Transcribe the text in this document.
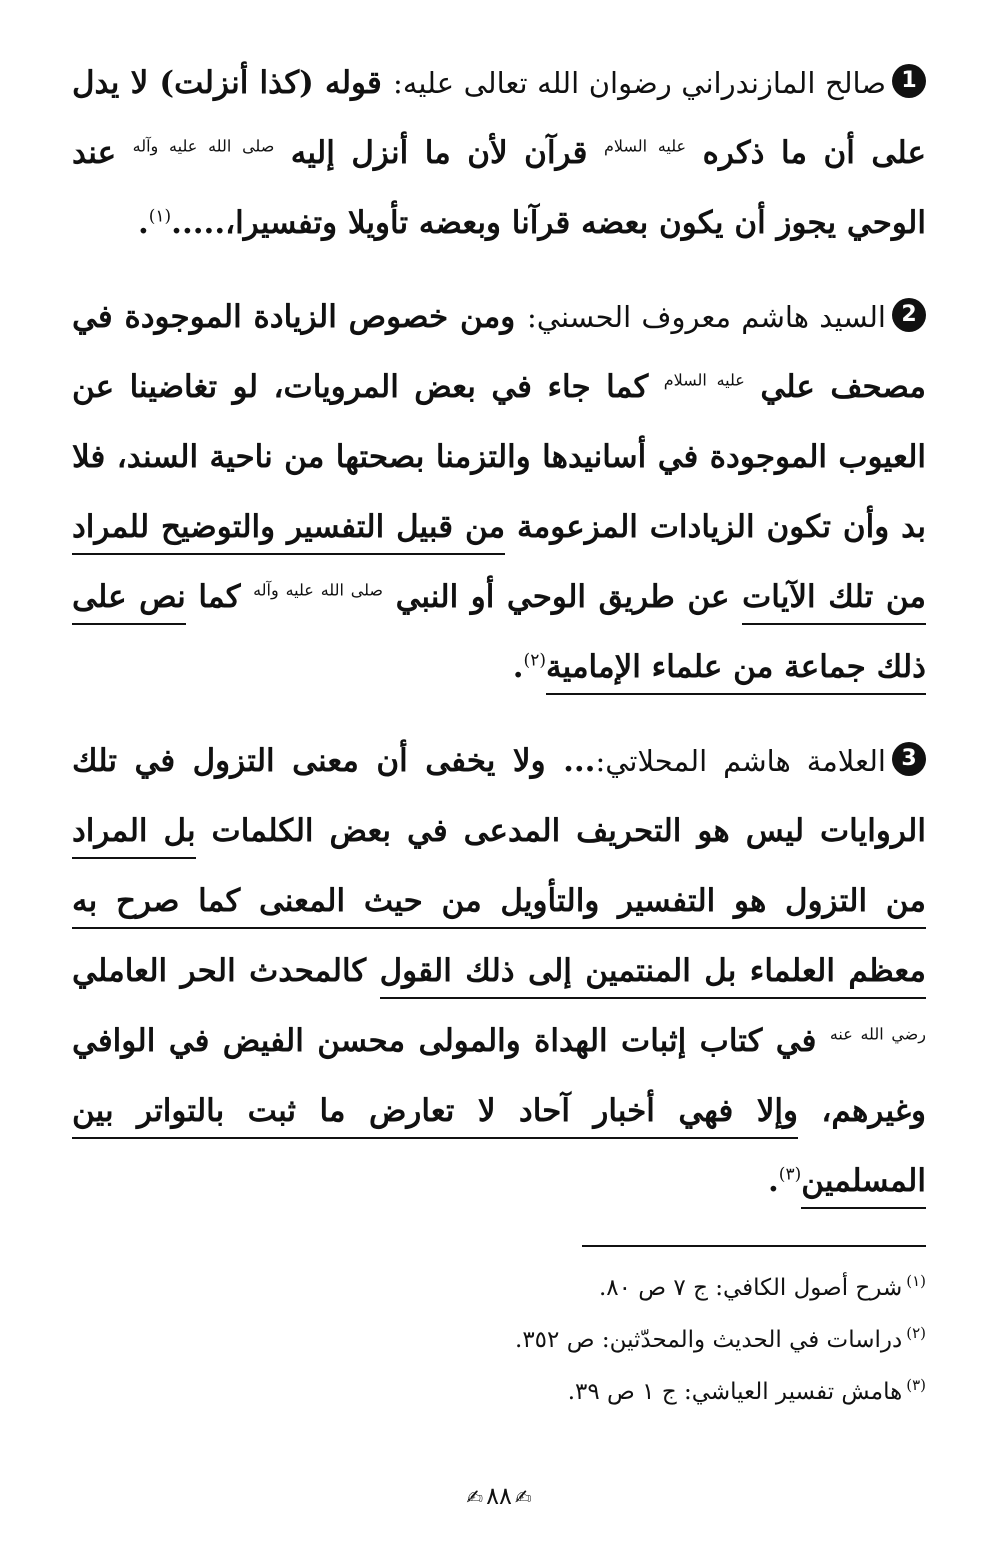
1صالح المازندراني رضوان الله تعالى عليه: قوله (كذا أنزلت) لا يدل على أن ما ذكره $^{عليه السلام}$ قرآن لأن ما أنزل إليه $^{صلى الله عليه وآله}$ عند الوحي يجوز أن يكون بعضه قرآنا وبعضه تأويلا وتفسيرا،.....$^{(١)}$.

2السيد هاشم معروف الحسني: ومن خصوص الزيادة الموجودة في مصحف علي $^{عليه السلام}$ كما جاء في بعض المرويات، لو تغاضينا عن العيوب الموجودة في أسانيدها والتزمنا بصحتها من ناحية السند، فلا بد وأن تكون الزيادات المزعومة من قبيل التفسير والتوضيح للمراد من تلك الآيات عن طريق الوحي أو النبي $^{صلى الله عليه وآله}$ كما نص على ذلك جماعة من علماء الإمامية$^{(٢)}$.

3العلامة هاشم المحلاتي:... ولا يخفى أن معنى التزول في تلك الروايات ليس هو التحريف المدعى في بعض الكلمات بل المراد من التزول هو التفسير والتأويل من حيث المعنى كما صرح به معظم العلماء بل المنتمين إلى ذلك القول كالمحدث الحر العاملي $^{رضي الله عنه}$ في كتاب إثبات الهداة والمولى محسن الفيض في الوافي وغيرهم، وإلا فهي أخبار آحاد لا تعارض ما ثبت بالتواتر بين المسلمين$^{(٣)}$.

$^{(١)}$شرح أصول الكافي: ج ٧ ص ٨٠.

$^{(٢)}$دراسات في الحديث والمحدّثين: ص ٣٥٢.

$^{(٣)}$هامش تفسير العياشي: ج ١ ص ٣٩.

✍٨٨✍
